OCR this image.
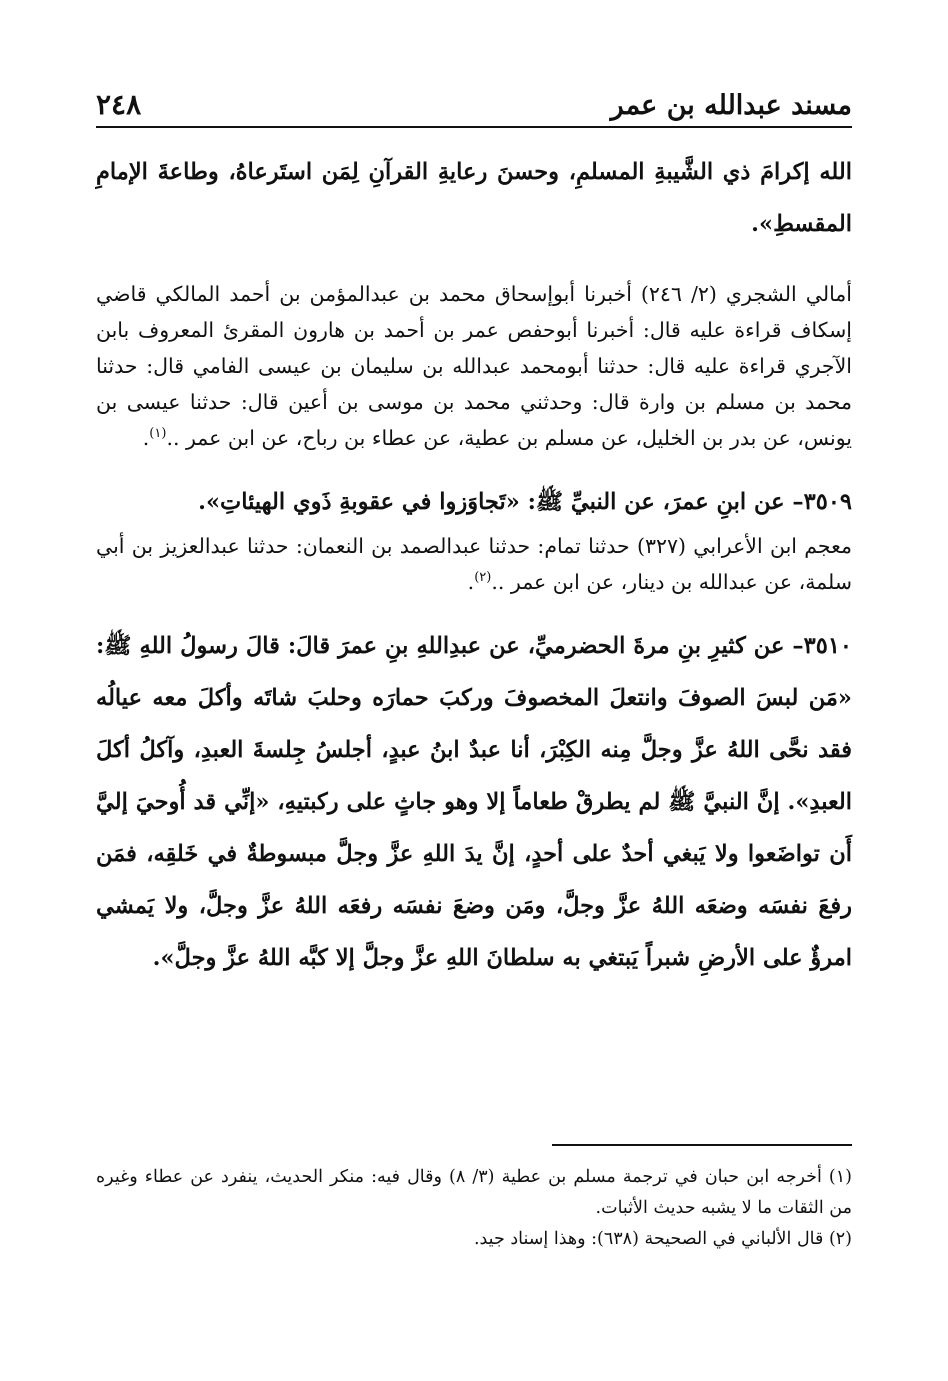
مسند عبدالله بن عمر
٢٤٨

الله إكرامَ ذي الشَّيبةِ المسلمِ، وحسنَ رعايةِ القرآنِ لِمَن استَرعاهُ، وطاعةَ الإمامِ المقسطِ».

أمالي الشجري (٢/ ٢٤٦) أخبرنا أبوإسحاق محمد بن عبدالمؤمن بن أحمد المالكي قاضي إسكاف قراءة عليه قال: أخبرنا أبوحفص عمر بن أحمد بن هارون المقرئ المعروف بابن الآجري قراءة عليه قال: حدثنا أبومحمد عبدالله بن سليمان بن عيسى الفامي قال: حدثنا محمد بن مسلم بن وارة قال: وحدثني محمد بن موسى بن أعين قال: حدثنا عيسى بن يونس، عن بدر بن الخليل، عن مسلم بن عطية، عن عطاء بن رباح، عن ابن عمر ..$^{(١)}$.

٣٥٠٩– عن ابنِ عمرَ، عن النبيِّ ﷺ: «تَجاوَزوا في عقوبةِ ذَوي الهيئاتِ».

معجم ابن الأعرابي (٣٢٧) حدثنا تمام: حدثنا عبدالصمد بن النعمان: حدثنا عبدالعزيز بن أبي سلمة، عن عبدالله بن دينار، عن ابن عمر ..$^{(٢)}$.

٣٥١٠– عن كثيرِ بنِ مرةَ الحضرميِّ، عن عبدِاللهِ بنِ عمرَ قالَ: قالَ رسولُ اللهِ ﷺ: «مَن لبسَ الصوفَ وانتعلَ المخصوفَ وركبَ حمارَه وحلبَ شاتَه وأكلَ معه عيالُه فقد نحَّى اللهُ عزَّ وجلَّ مِنه الكِبْرَ، أنا عبدٌ ابنُ عبدٍ، أجلسُ جِلسةَ العبدِ، وآكلُ أكلَ العبدِ». إنَّ النبيَّ ﷺ لم يطرقْ طعاماً إلا وهو جاثٍ على ركبتيهِ، «إنِّي قد أُوحيَ إليَّ أَن تواضَعوا ولا يَبغي أحدٌ على أحدٍ، إنَّ يدَ اللهِ عزَّ وجلَّ مبسوطةٌ في خَلقِه، فمَن رفعَ نفسَه وضعَه اللهُ عزَّ وجلَّ، ومَن وضعَ نفسَه رفعَه اللهُ عزَّ وجلَّ، ولا يَمشي امرؤٌ على الأرضِ شبراً يَبتغي به سلطانَ اللهِ عزَّ وجلَّ إلا كبَّه اللهُ عزَّ وجلَّ».

(١) أخرجه ابن حبان في ترجمة مسلم بن عطية (٣/ ٨) وقال فيه: منكر الحديث، ينفرد عن عطاء وغيره من الثقات ما لا يشبه حديث الأثبات.

(٢) قال الألباني في الصحيحة (٦٣٨): وهذا إسناد جيد.
